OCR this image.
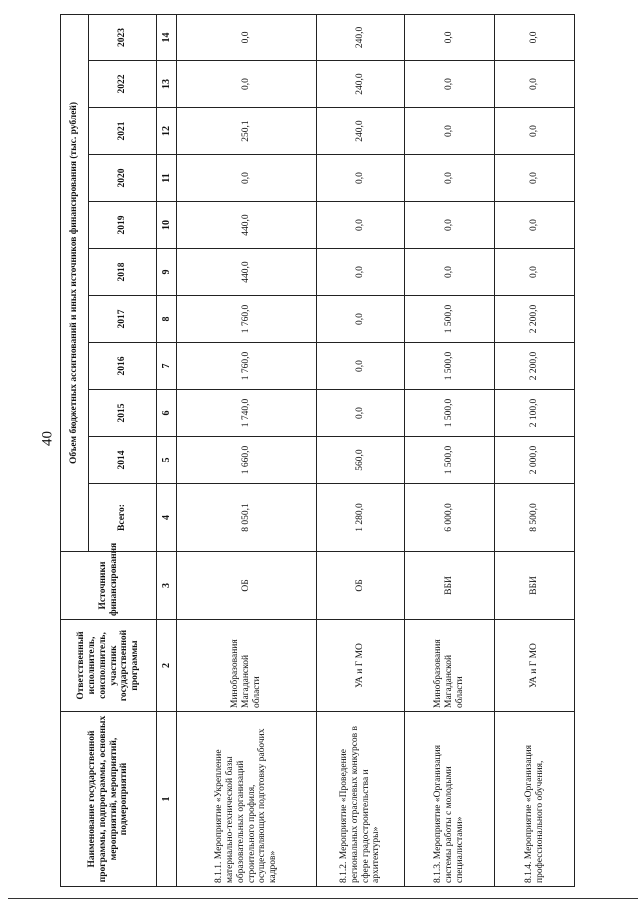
40
Наименование государственной программы, подпрограммы, основных мероприятий, мероприятий, подмероприятий	Ответственный исполнитель, соисполнитель, участник государственной программы	Источники финансирования	Объем бюджетных ассигнований и иных источников финансирования (тыс. рублей)										
			Всего:	2014	2015	2016	2017	2018	2019	2020	2021	2022	2023
1	2	3	4	5	6	7	8	9	10	11	12	13	14
8.1.1. Мероприятие «Укрепление материально-технической базы образовательных организаций строительного профиля, осуществляющих подготовку рабочих кадров»	Минобразования Магаданской области	ОБ	8 050,1	1 660,0	1 740,0	1 760,0	1 760,0	440,0	440,0	0,0	250,1	0,0	0,0
8.1.2. Мероприятие «Проведение региональных отраслевых конкурсов в сфере градостроительства и архитектуры»	УА и Г МО	ОБ	1 280,0	560,0	0,0	0,0	0,0	0,0	0,0	0,0	240,0	240,0	240,0
8.1.3. Мероприятие «Организация системы работы с молодыми специалистами»	Минобразования Магаданской области	ВБИ	6 000,0	1 500,0	1 500,0	1 500,0	1 500,0	0,0	0,0	0,0	0,0	0,0	0,0
8.1.4. Мероприятие «Организация профессионального обучения,	УА и Г МО	ВБИ	8 500,0	2 000,0	2 100,0	2 200,0	2 200,0	0,0	0,0	0,0	0,0	0,0	0,0
